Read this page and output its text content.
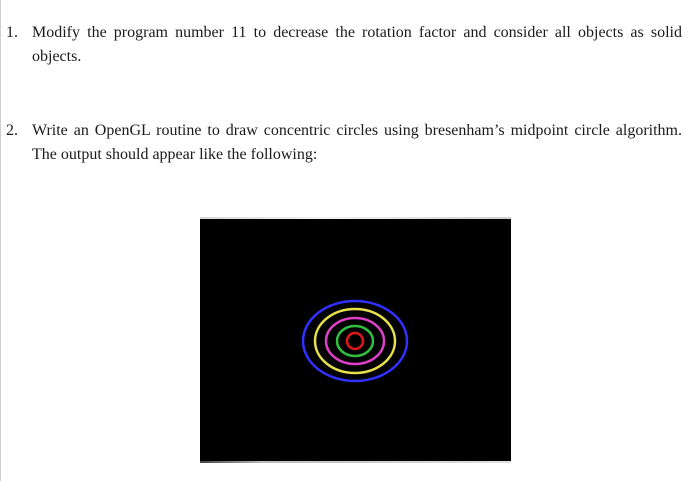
1. Modify the program number 11 to decrease the rotation factor and consider all objects as solid objects.
2. Write an OpenGL routine to draw concentric circles using bresenham’s midpoint circle algorithm. The output should appear like the following:
